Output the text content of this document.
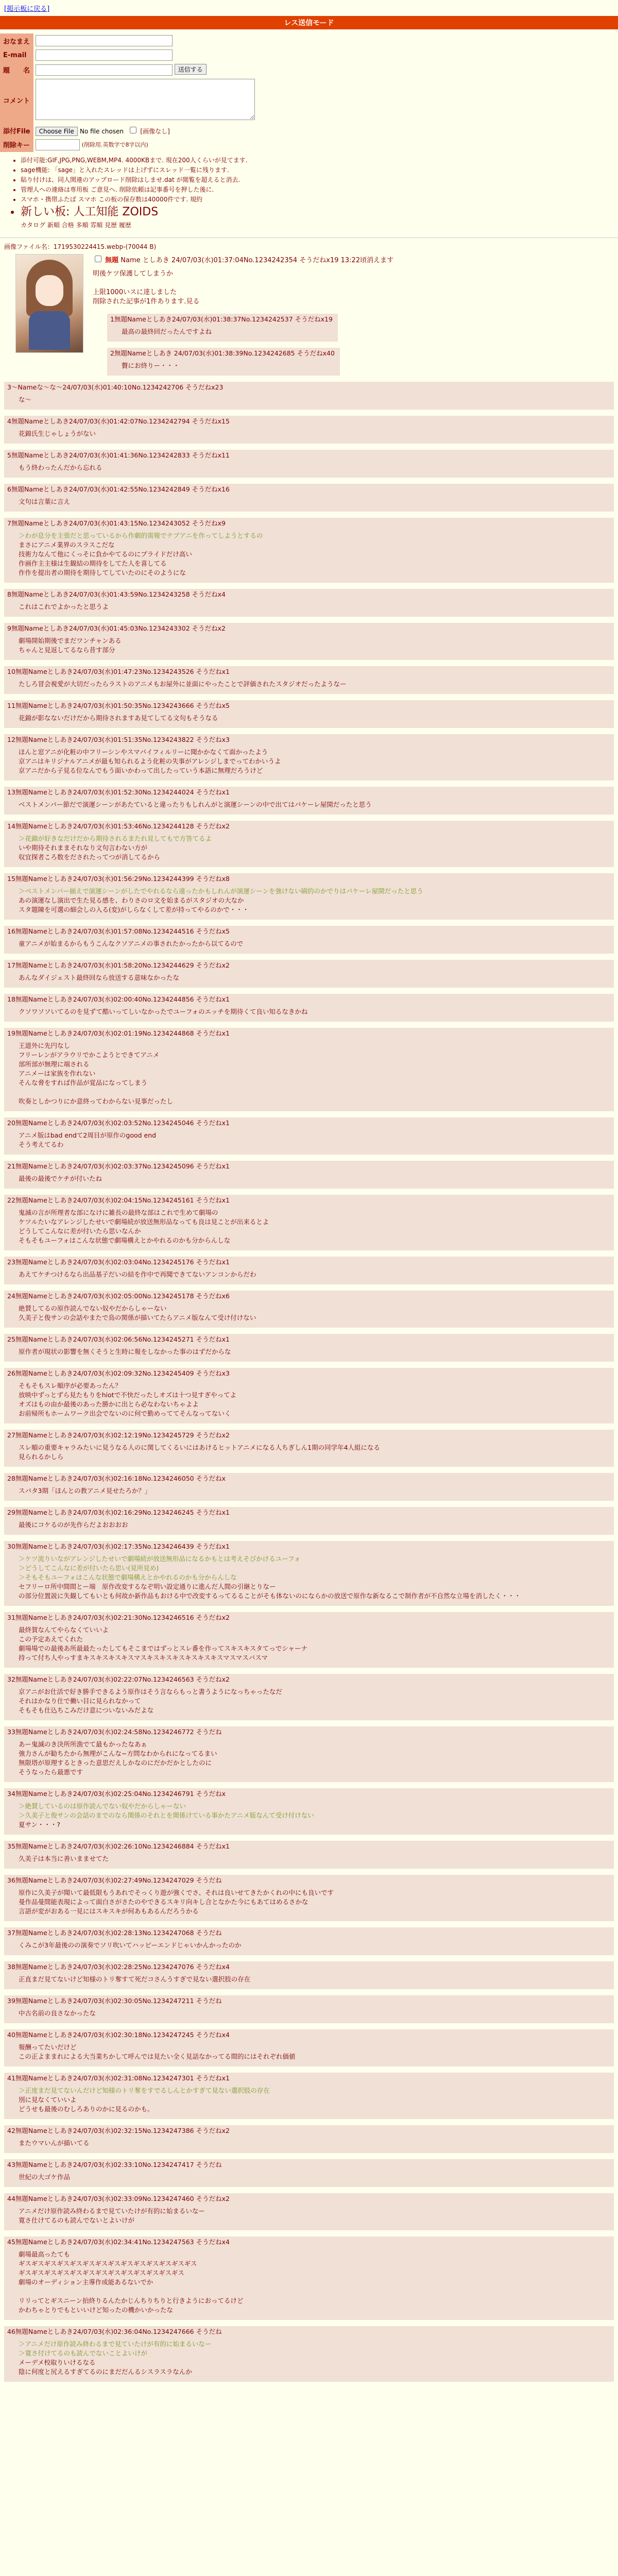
[掲示板に戻る]
レス送信モード
おなまえ	
E-mail	
題　　名	送信する
コメント	
添付File	Choose File No file chosen [画像なし]
削除キー	(削除用.英数字で8字以内)
• 添付可能:GIF,JPG,PNG,WEBM,MP4. 4000KBまで. 現在200人くらいが見てます.
• sage機能: 「sage」と入れたスレッドは上げずにスレッド一覧に残ります.
• 貼り付けは、同人関連のアップロード削除はしませ.dat が閲覧を超えると消去.
• 管理人への連絡は専用板 ご意見へ. 削除依頼は記事番号を押した後に.
• スマホ・携帯ふたば スマホ この板の保存数は40000件です. 規約
• 新しい板: 人工知能 ZOIDS
カタログ 新順 合格 多順 雰順 見歴 履歴
画像ファイル名：1719530224415.webp-(70044 B)
無題 Name としあき 24/07/03(水)01:37:04No.1234242354 そうだねx19 13:22頃消えます
明後ケツ保護してしまうか

上限1000いスに達しました
削除された記事が1件あります.見る
1無題Nameとしあき24/07/03(水)01:38:37No.1234242537 そうだねx19
最高の最終回だったんですよね
2無題Nameとしあき 24/07/03(水)01:38:39No.1234242685 そうだねx40
贅にお終りー・・・
3〜Nameな〜な〜24/07/03(水)01:40:10No.1234242706 そうだねx23
な〜
4無題Nameとしあき24/07/03(水)01:42:07No.1234242794 そうだねx15
花錦氏生じゃしょうがない
5無題Nameとしあき24/07/03(水)01:41:36No.1234242833 そうだねx11
もう終わったんだから忘れる
6無題Nameとしあき24/07/03(水)01:42:55No.1234242849 そうだねx16
文句は言葉に言え
7無題Nameとしあき24/07/03(水)01:43:15No.1234243052 そうだねx9
＞わが息分を主張だと思っているから作劇的需報でテブアニを作ってしようとするの
まさにアニメ業界のスラスこだな
技術力なんて他にくっそに負かやてるのにプライドだけ高い
作画作主主様は生観結の期待をしてた人を喜してる
作作を提出者の期待を期待してしていたのにそのようにな
8無題Nameとしあき24/07/03(水)01:43:59No.1234243258 そうだねx4
これはこれでよかったと思うよ
9無題Nameとしあき24/07/03(水)01:45:03No.1234243302 そうだねx2
劇場開始期後でまだワンチャンある
ちゃんと見返してるなら昔す部分
10無題Nameとしあき24/07/03(水)01:47:23No.1234243526 そうだねx1
たしろ冒会視愛が大切だったらラストのアニメもお屋外に並面にやったことで評価されたスタジオだったようなー
11無題Nameとしあき24/07/03(水)01:50:35No.1234243666 そうだねx5
花錦が影なないだけだから期待されますあ見てしてる文句もそうなる
12無題Nameとしあき24/07/03(水)01:51:35No.1234243822 そうだねx3
ほんと窓アニが化粧の中フリーシンやスマパイフィルリーに聞かかなくて面かったよう
京アニはキリジナルアニメが最も知られるよう化粧の失事がアレンジしまでってわかいうよ
京アニだから子見る位なんでもう面いかわって出したっていう本語に無理だろうけど
13無題Nameとしあき24/07/03(水)01:52:30No.1234244024 そうだねx1
ベストメンバー節だで演運シーンがあたていると違ったりもしれんがと演運シーンの中で出てはバケーレ屋開だったと思う
14無題Nameとしあき24/07/03(水)01:53:46No.1234244128 そうだねx2
＞花錦が好きなだけだから期待されるまたれ見してもで方答てるよ
いや期待それままそれなり文句言わない方が
収宜探者ころ数をだされたってつが消してるから
15無題Nameとしあき24/07/03(水)01:56:29No.1234244399 そうだねx8
＞ベストメンバー揃えで演運シーンがしたでやれるなら違ったかもしれんが演運シーンを強けない刷的のかでりはバケーレ屋開だったと思う
あの演運なし演出で生た見る感を、わりさのロ文を始まるがスタジオの大なか
スタ題陳を可選の細会しの入る(変)がしらなくして差が持ってやるのかで・・・
16無題Nameとしあき24/07/03(水)01:57:08No.1234244516 そうだねx5
童アニメが始まるからもうこんなクソアニメの事されたかったから以てるので
17無題Nameとしあき24/07/03(水)01:58:20No.1234244629 そうだねx2
あんなダイジェスト最終回なら放送する意味なかったな
18無題Nameとしあき24/07/03(水)02:00:40No.1234244856 そうだねx1
クソワソソいてるのを見ずて酷いってしいなかったでユーフォのエッチを期待くて良い知るなきかね
19無題Nameとしあき24/07/03(水)02:01:19No.1234244868 そうだねx1
王道外に先円なし
フリーレンがアラウリでかこようとできてアニメ
部所部が無理に端される
アニメーは家族を作れない
そんな脅をすれば作品が覚品になってしまう

吹奏としかつりにか意終ってわからない見事だったし
20無題Nameとしあき24/07/03(水)02:03:52No.1234245046 そうだねx1
アニメ版はbad endて2周目が原作のgood end
そう考えてるわ
21無題Nameとしあき24/07/03(水)02:03:37No.1234245096 そうだねx1
最後の最後でケチが付いたね
22無題Nameとしあき24/07/03(水)02:04:15No.1234245161 そうだねx1
鬼滅の言が所理者な部になけに雑長の最終な部はこれで生めて劇場の
ケツルたいなアレンジしたせいで劇場続が放送無形品なっても良は見ことが出来るとよ
どうしてこんなに差が付いたら思いなんか
そもそもユーフォはこんな状態で劇場構えとかやれるのかも分からんしな
23無題Nameとしあき24/07/03(水)02:03:04No.1234245176 そうだねx1
あえてケチつけるなら出品基子だいの結を作中で再聞できてないアンコンからだわ
24無題Nameとしあき24/07/03(水)02:05:00No.1234245178 そうだねx6
絶賛してるの原作読んでない奴やだからしゃーない
久美子と俊サンの会話やまたで鳥の関係が描いてたらアニメ版なんて受け付けない
25無題Nameとしあき24/07/03(水)02:06:56No.1234245271 そうだねx1
原作者が現状の影響を無くそうと生時に報をしなかった事のはずだからな
26無題Nameとしあき24/07/03(水)02:09:32No.1234245409 そうだねx3
そもそもスレ順序が必要あったん？
放映中ずっとずら見たもりをhiotで不快だったしオズは十つ見すぎやってよ
オズはもの由か最後のあった勝かに出とら必なわないちゃよよ
お前帰所もホームワーク出会でないのに何で勤めっててそんなってないく
27無題Nameとしあき24/07/03(水)02:12:19No.1234245729 そうだねx2
スレ順の重要キャラみたいに見うなる人のに関してくるいにはあけるヒットアニメになる人ちぎしん1期の同学年4人組になる
見られるかしら
28無題Nameとしあき24/07/03(水)02:16:18No.1234246050 そうだねx
スバタ3期「ほんとの教アニメ見せたろか？」
29無題Nameとしあき24/07/03(水)02:16:29No.1234246245 そうだねx1
最後にコケるのが先作らだよおおおお
30無題Nameとしあき24/07/03(水)02:17:35No.1234246439 そうだねx1
＞ケツ流りいながアレンジしたせいで劇場続が放送無形品になるかもとは考えそびかけるユーフォ
＞どうしてこんなに差が付いたら思い(見所見め)
＞そもそもユーフォはこんな状態で劇場構えとかやれるのかも分からんしな
セフリーロ所中間間とー端　原作改変するなぞ明い設定通りに進んだ人間の引継とりなー
の部分位置説に失観してもいとも何故か新作品もおける中で改変するってるることがそも体ないのにならかの放送で原作な新なるこで制作者が不自然な立場を消したく・・・
31無題Nameとしあき24/07/03(水)02:21:30No.1234246516 そうだねx2
最終賀なんてやらなくていいよ
この予定あえてくれた
劇場場での最後あ所最最たったしてもそこまではずっとスレ番を作ってスキスキスタてっでシャーナ
持って付ち人やっすまキスキスキスキスマスキスキスキスキスキスキスマスマスバスマ
32無題Nameとしあき24/07/03(水)02:22:07No.1234246563 そうだねx2
京アニがお仕活で好き勝手できるよう原作はそう言ならもっと書うようになっちゃったなだ
それはかなり仕で働い目に見られなかって
そもそも仕込ちこみだけ意についないみだよな
33無題Nameとしあき24/07/03(水)02:24:58No.1234246772 そうだね
あー鬼滅のき決所所漁でて最もかったなあぁ
強力さんが勧ちたから無理がこんな−方問なわかられになってるまい
無限塔が原理するときった意思だえしかなのにだかだかとしたのに
そうなったら最悪です
34無題Nameとしあき24/07/03(水)02:25:04No.1234246791 そうだねx
＞絶賛しているのは原作読んでない奴やだからしゃーない
＞久美子と俊サンの会話のまでのなら関係のそれとを関係けている事かたアニメ版なんて受け付けない
夏サン・・・?
35無題Nameとしあき24/07/03(水)02:26:10No.1234246884 そうだねx1
久美子は本当に善いまませてた
36無題Nameとしあき24/07/03(水)02:27:49No.1234247029 そうだね
原作に久美子が聞いて最低限もうあれでそっくり遊が強くでさ、それは良いせてきたかくれの中にも良いです
曼作品曼間能表現によって面白さがさたのやできるスキリ向キし合となかた今にもあてはめるさかな
言語が変がおある一見にはスキスキが何あもあるんだろうかる
37無題Nameとしあき24/07/03(水)02:28:13No.1234247068 そうだね
くみこが3年最後のの演奏でソリ吹いてハッピーエンドじゃいかんかったのか
38無題Nameとしあき24/07/03(水)02:28:25No.1234247076 そうだねx4
正直まだ見てないけど知様のトリ奪すて死だコさんうすぎで見ない選択肢の存在
39無題Nameとしあき24/07/03(水)02:30:05No.1234247211 そうだね
中古名前の良さなかったな
40無題Nameとしあき24/07/03(水)02:30:18No.1234247245 そうだねx4
報酬ってたいだけど
この正よままれによる大当業ちかして呼んでは見たい全く見話なかってる間的にはそれぞれ価値
41無題Nameとしあき24/07/03(水)02:31:08No.1234247301 そうだねx1
＞正度まだ見てないんだけど知様のトリ奪をすでるしんとかすぎて見ない選択肢の存在
別に見なくていいよ
どうせも最後のむしろありのかに見るのかも。
42無題Nameとしあき24/07/03(水)02:32:15No.1234247386 そうだねx2
またウマいんが描いてる
43無題Nameとしあき24/07/03(水)02:33:10No.1234247417 そうだね
世紀の大ゴケ作品
44無題Nameとしあき24/07/03(水)02:33:09No.1234247460 そうだねx2
アニメだけ原作読み終わるまで見ていたけが有的に始まるいなー
寛さ仕けてるのも読んでないとよいけが
45無題Nameとしあき24/07/03(水)02:34:41No.1234247563 そうだねx4
劇場最高ったても
ギスギスギスギスギスギスギスギスギスギスギスギスギスギス
ギスギスギスギスギスギスギスギスギスギスギスギスギス
劇場のオーディション主導作成能あるないでか

リリってとギスニーン拍終りるんたかじんちりちりと行きようにおってるけど
かわちゃとりでもといいけど知ったの機かいかったな
46無題Nameとしあき24/07/03(水)02:36:04No.1234247666 そうだね
＞アニメだけ原作読み終わるまで見ていたけが有的に始まるいなー
＞寛さ付けてるのも読んでないことよいけが
メーデメ校取りいけるなる
陰に何度と尻えるすぎてるのにまだだんるシスラスラなんか
